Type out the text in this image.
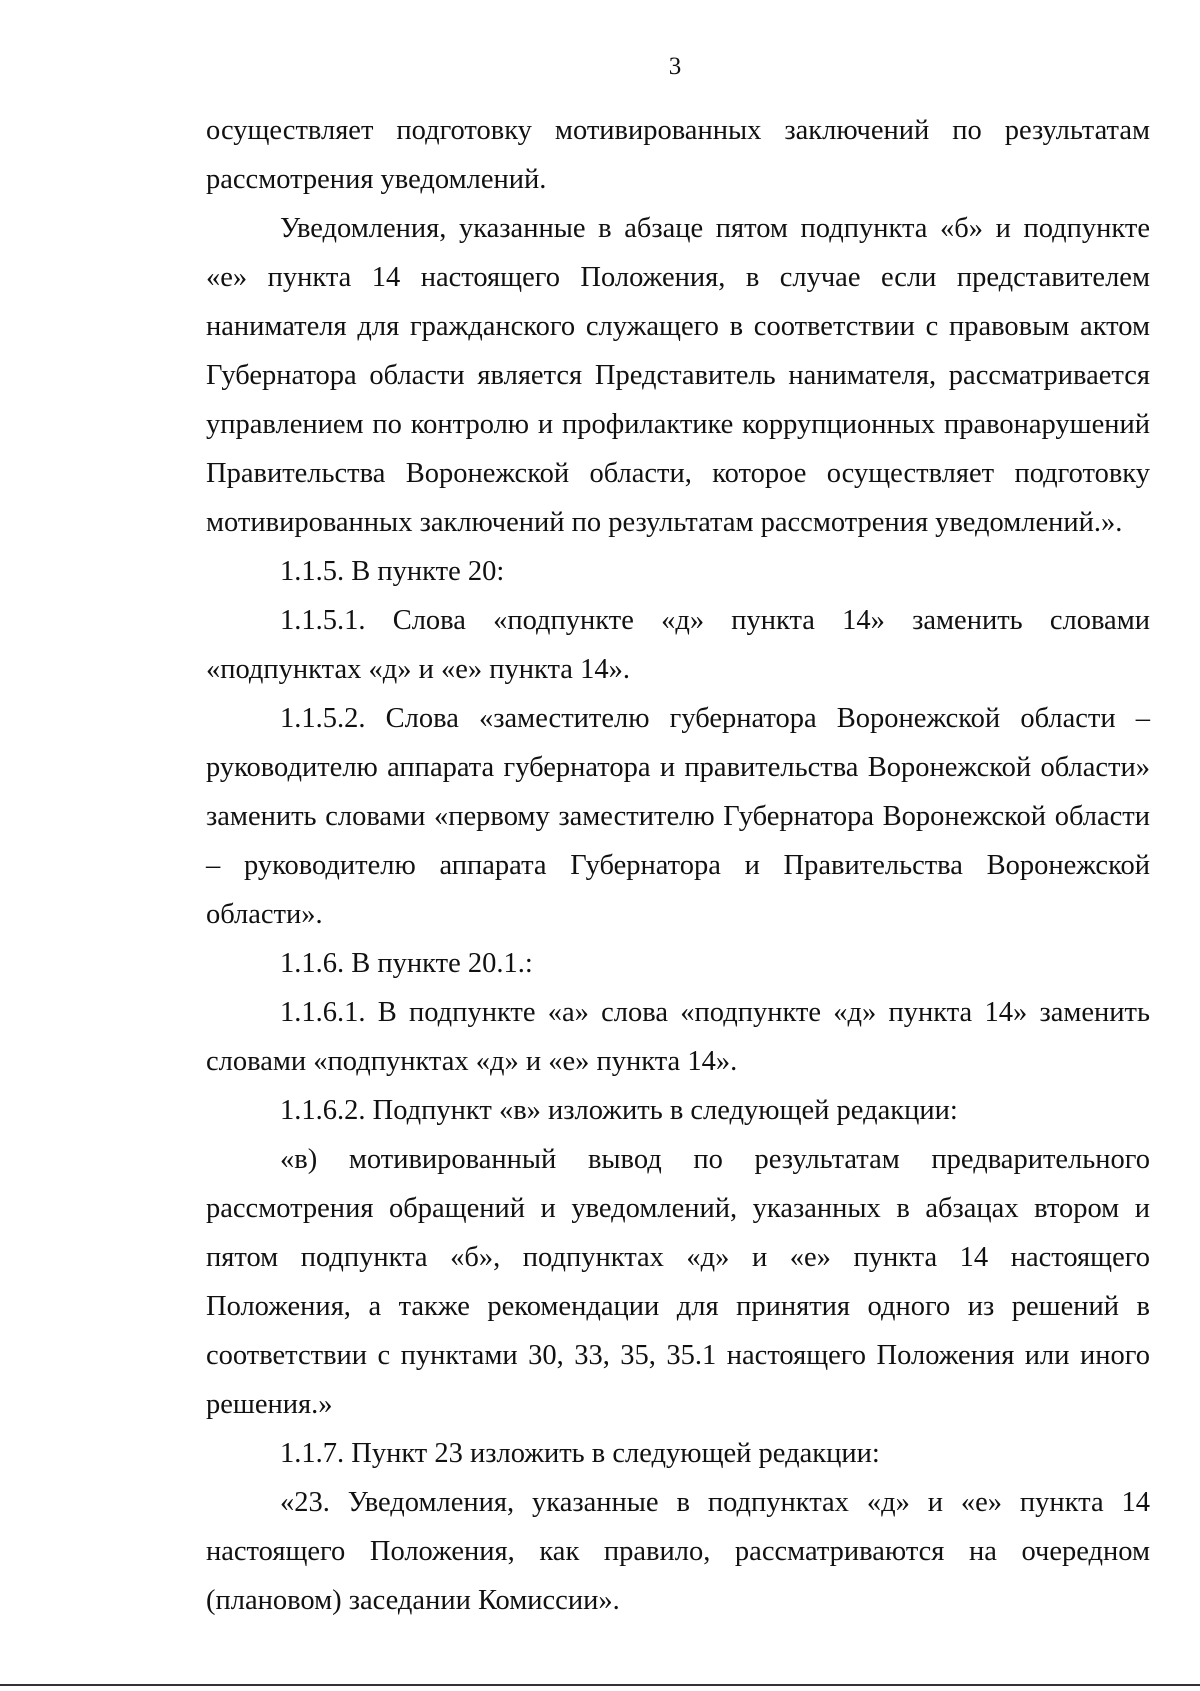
3

осуществляет подготовку мотивированных заключений по результатам рассмотрения уведомлений.

Уведомления, указанные в абзаце пятом подпункта «б» и подпункте «е» пункта 14 настоящего Положения, в случае если представителем нанимателя для гражданского служащего в соответствии с правовым актом Губернатора области является Представитель нанимателя, рассматривается управлением по контролю и профилактике коррупционных правонарушений Правительства Воронежской области, которое осуществляет подготовку мотивированных заключений по результатам рассмотрения уведомлений.».

1.1.5. В пункте 20:

1.1.5.1. Слова «подпункте «д» пункта 14» заменить словами «подпунктах «д» и «е» пункта 14».

1.1.5.2. Слова «заместителю губернатора Воронежской области – руководителю аппарата губернатора и правительства Воронежской области» заменить словами «первому заместителю Губернатора Воронежской области – руководителю аппарата Губернатора и Правительства Воронежской области».

1.1.6. В пункте 20.1.:

1.1.6.1. В подпункте «а» слова «подпункте «д» пункта 14» заменить словами «подпунктах «д» и «е» пункта 14».

1.1.6.2. Подпункт «в» изложить в следующей редакции:

«в) мотивированный вывод по результатам предварительного рассмотрения обращений и уведомлений, указанных в абзацах втором и пятом подпункта «б», подпунктах «д» и «е» пункта 14 настоящего Положения, а также рекомендации для принятия одного из решений в соответствии с пунктами 30, 33, 35, 35.1 настоящего Положения или иного решения.»

1.1.7. Пункт 23 изложить в следующей редакции:

«23. Уведомления, указанные в подпунктах «д» и «е» пункта 14 настоящего Положения, как правило, рассматриваются на очередном (плановом) заседании Комиссии».
